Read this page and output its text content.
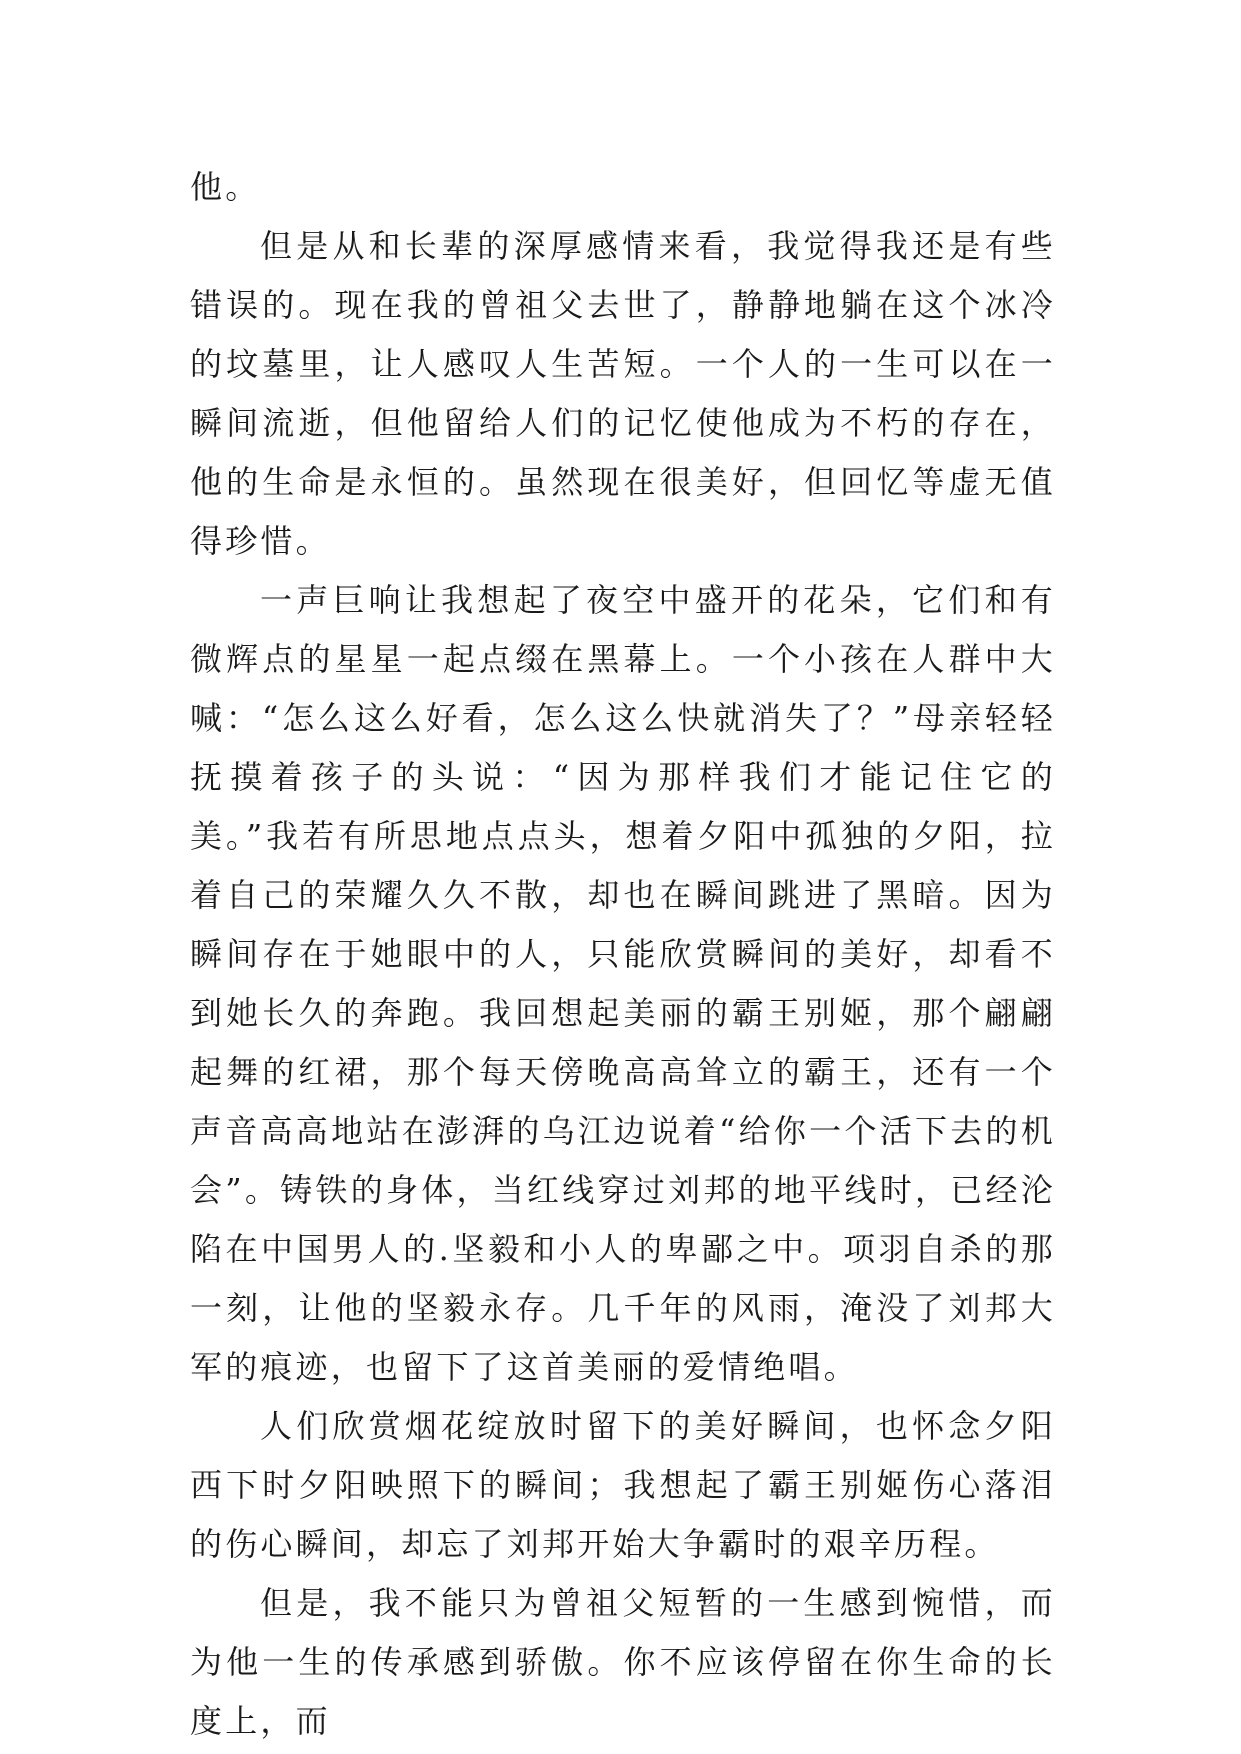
他。

但是从和长辈的深厚感情来看，我觉得我还是有些错误的。现在我的曾祖父去世了，静静地躺在这个冰冷的坟墓里，让人感叹人生苦短。一个人的一生可以在一瞬间流逝，但他留给人们的记忆使他成为不朽的存在，他的生命是永恒的。虽然现在很美好，但回忆等虚无值得珍惜。

一声巨响让我想起了夜空中盛开的花朵，它们和有微辉点的星星一起点缀在黑幕上。一个小孩在人群中大喊：“怎么这么好看，怎么这么快就消失了？”母亲轻轻抚摸着孩子的头说：“因为那样我们才能记住它的美。”我若有所思地点点头，想着夕阳中孤独的夕阳，拉着自己的荣耀久久不散，却也在瞬间跳进了黑暗。因为瞬间存在于她眼中的人，只能欣赏瞬间的美好，却看不到她长久的奔跑。我回想起美丽的霸王别姬，那个翩翩起舞的红裙，那个每天傍晚高高耸立的霸王，还有一个声音高高地站在澎湃的乌江边说着“给你一个活下去的机会”。铸铁的身体，当红线穿过刘邦的地平线时，已经沦陷在中国男人的.坚毅和小人的卑鄙之中。项羽自杀的那一刻，让他的坚毅永存。几千年的风雨，淹没了刘邦大军的痕迹，也留下了这首美丽的爱情绝唱。

人们欣赏烟花绽放时留下的美好瞬间，也怀念夕阳西下时夕阳映照下的瞬间；我想起了霸王别姬伤心落泪的伤心瞬间，却忘了刘邦开始大争霸时的艰辛历程。

但是，我不能只为曾祖父短暂的一生感到惋惜，而为他一生的传承感到骄傲。你不应该停留在你生命的长度上，而
